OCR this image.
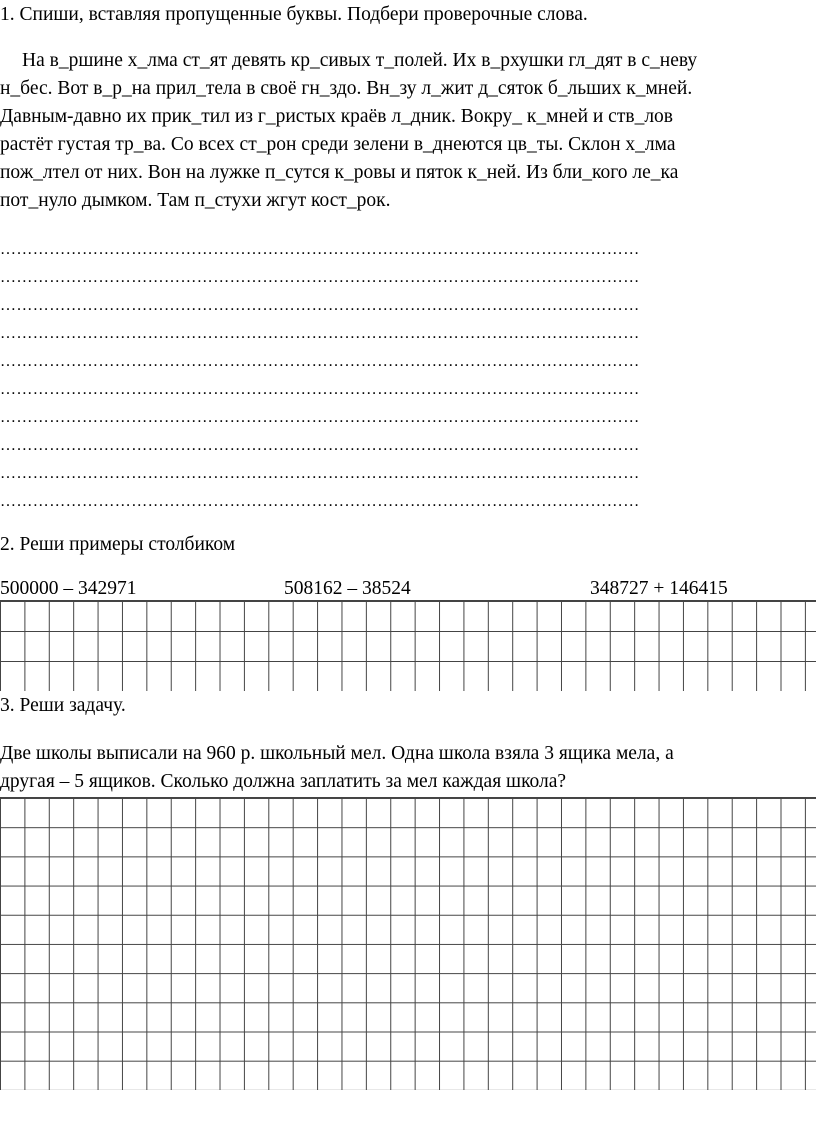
1. Спиши, вставляя пропущенные буквы. Подбери проверочные слова.
На в_ршине х_лма ст_ят девять кр_сивых т_полей. Их в_рхушки гл_дят в с_неву
н_бес. Вот в_р_на прил_тела в своё гн_здо. Вн_зу л_жит д_сяток б_льших к_мней.
Давным-давно их прик_тил из г_ристых краёв л_дник. Вокру_ к_мней и ств_лов
растёт густая тр_ва. Со всех ст_рон среди зелени в_днеются цв_ты. Склон х_лма
пож_лтел от них. Вон на лужке п_сутся к_ровы и пяток к_ней. Из бли_кого ле_ка
пот_нуло дымком. Там п_стухи жгут кост_рок.
………………………………………………………………………………………………………
………………………………………………………………………………………………………
………………………………………………………………………………………………………
………………………………………………………………………………………………………
………………………………………………………………………………………………………
………………………………………………………………………………………………………
………………………………………………………………………………………………………
………………………………………………………………………………………………………
………………………………………………………………………………………………………
………………………………………………………………………………………………………
2. Реши примеры столбиком
500000 – 342971	508162 – 38524	348727 + 146415
3. Реши задачу.
Две школы выписали на 960 р. школьный мел. Одна школа взяла 3 ящика мела, а
другая – 5 ящиков. Сколько должна заплатить за мел каждая школа?
